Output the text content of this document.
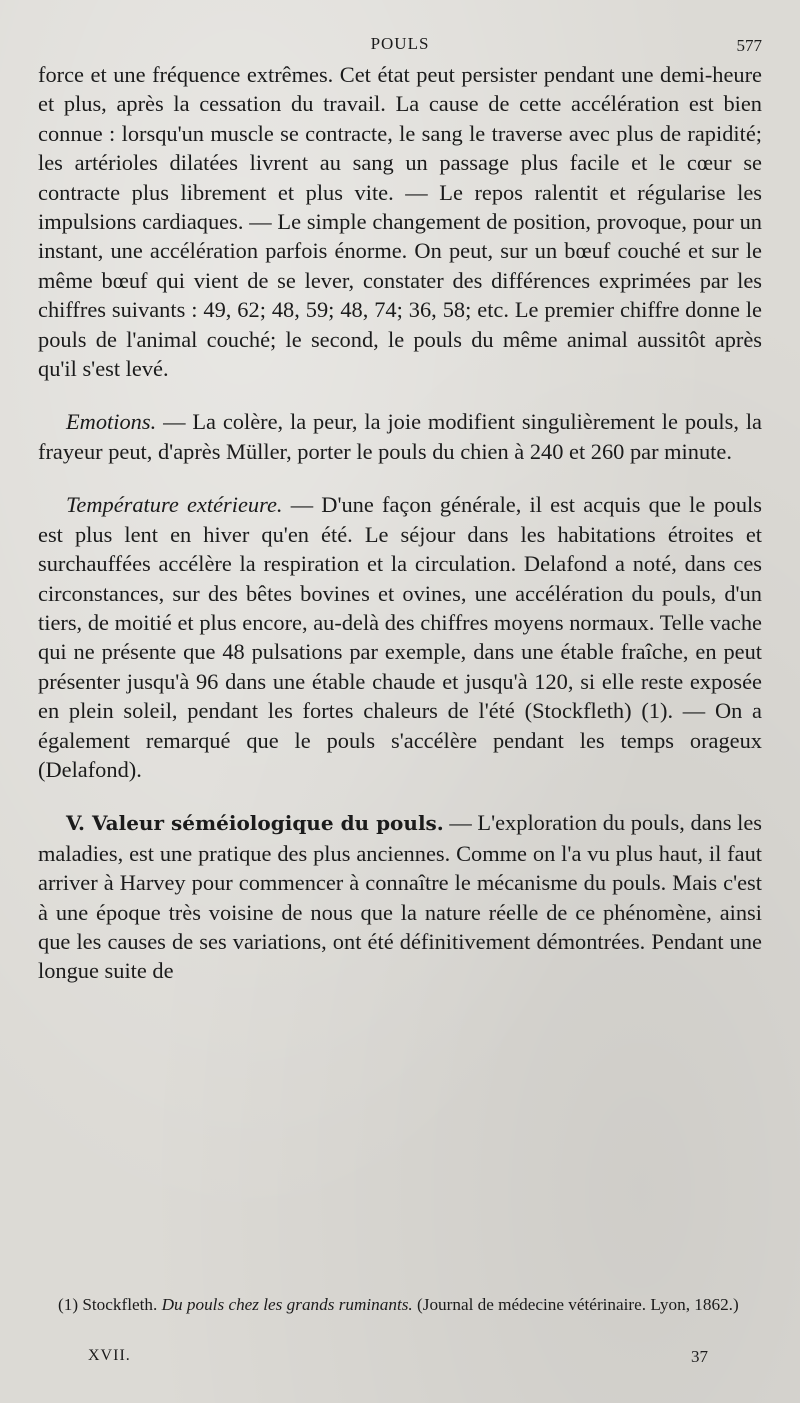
POULS	577

force et une fréquence extrêmes. Cet état peut persister pendant une demi-heure et plus, après la cessation du travail. La cause de cette accélération est bien connue : lorsqu'un muscle se contracte, le sang le traverse avec plus de rapidité; les artérioles dilatées livrent au sang un passage plus facile et le cœur se contracte plus librement et plus vite. — Le repos ralentit et régularise les impulsions cardiaques. — Le simple changement de position, provoque, pour un instant, une accélération parfois énorme. On peut, sur un bœuf couché et sur le même bœuf qui vient de se lever, constater des différences exprimées par les chiffres suivants : 49, 62; 48, 59; 48, 74; 36, 58; etc. Le premier chiffre donne le pouls de l'animal couché; le second, le pouls du même animal aussitôt après qu'il s'est levé.

Emotions. — La colère, la peur, la joie modifient singulièrement le pouls, la frayeur peut, d'après Müller, porter le pouls du chien à 240 et 260 par minute.

Température extérieure. — D'une façon générale, il est acquis que le pouls est plus lent en hiver qu'en été. Le séjour dans les habitations étroites et surchauffées accélère la respiration et la circulation. Delafond a noté, dans ces circonstances, sur des bêtes bovines et ovines, une accélération du pouls, d'un tiers, de moitié et plus encore, au-delà des chiffres moyens normaux. Telle vache qui ne présente que 48 pulsations par exemple, dans une étable fraîche, en peut présenter jusqu'à 96 dans une étable chaude et jusqu'à 120, si elle reste exposée en plein soleil, pendant les fortes chaleurs de l'été (Stockfleth) (1). — On a également remarqué que le pouls s'accélère pendant les temps orageux (Delafond).

V. Valeur séméiologique du pouls. — L'exploration du pouls, dans les maladies, est une pratique des plus anciennes. Comme on l'a vu plus haut, il faut arriver à Harvey pour commencer à connaître le mécanisme du pouls. Mais c'est à une époque très voisine de nous que la nature réelle de ce phénomène, ainsi que les causes de ses variations, ont été définitivement démontrées. Pendant une longue suite de

(1) Stockfleth. Du pouls chez les grands ruminants. (Journal de médecine vétérinaire. Lyon, 1862.)

XVII.	37
